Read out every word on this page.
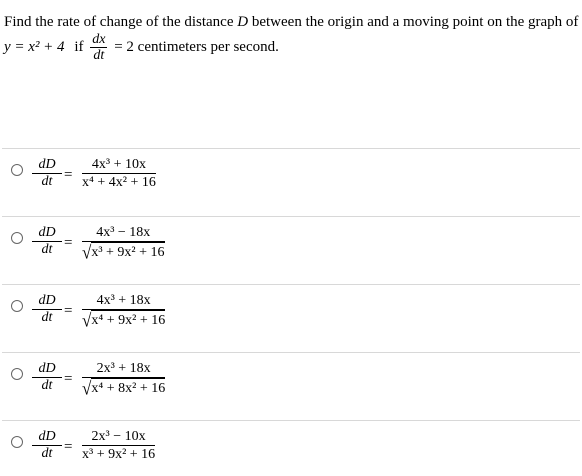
Find the rate of change of the distance D between the origin and a moving point on the graph of
y = x² + 4 if $\frac{dx}{dt} = 2$ centimeters per second.
$\frac{dD}{dt}$ =
4x³ + 10x
x⁴ + 4x² + 16
$\frac{dD}{dt}$ =
4x³ − 18x
√x³ + 9x² + 16
$\frac{dD}{dt}$ =
4x³ + 18x
√x⁴ + 9x² + 16
$\frac{dD}{dt}$ =
2x³ + 18x
√x⁴ + 8x² + 16
$\frac{dD}{dt}$ =
2x³ − 10x
x³ + 9x² + 16
